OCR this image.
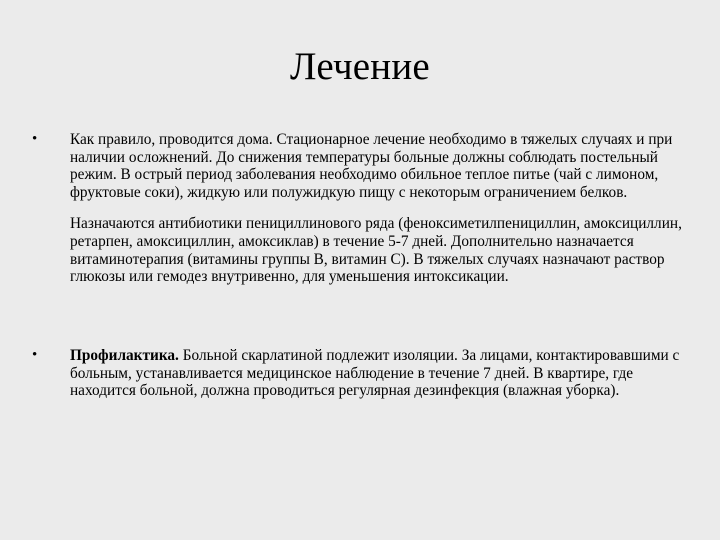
Лечение
• Как правило, проводится дома. Стационарное лечение необходимо в тяжелых случаях и при наличии осложнений. До снижения температуры больные должны соблюдать постельный режим. В острый период заболевания необходимо обильное теплое питье (чай с лимоном, фруктовые соки), жидкую или полужидкую пищу с некоторым ограничением белков.

Назначаются антибиотики пенициллинового ряда (феноксиметилпенициллин, амоксициллин, ретарпен, амоксициллин, амоксиклав) в течение 5-7 дней. Дополнительно назначается витаминотерапия (витамины группы В, витамин С). В тяжелых случаях назначают раствор глюкозы или гемодез внутривенно, для уменьшения интоксикации.

• Профилактика. Больной скарлатиной подлежит изоляции. За лицами, контактировавшими с больным, устанавливается медицинское наблюдение в течение 7 дней. В квартире, где находится больной, должна проводиться регулярная дезинфекция (влажная уборка).
